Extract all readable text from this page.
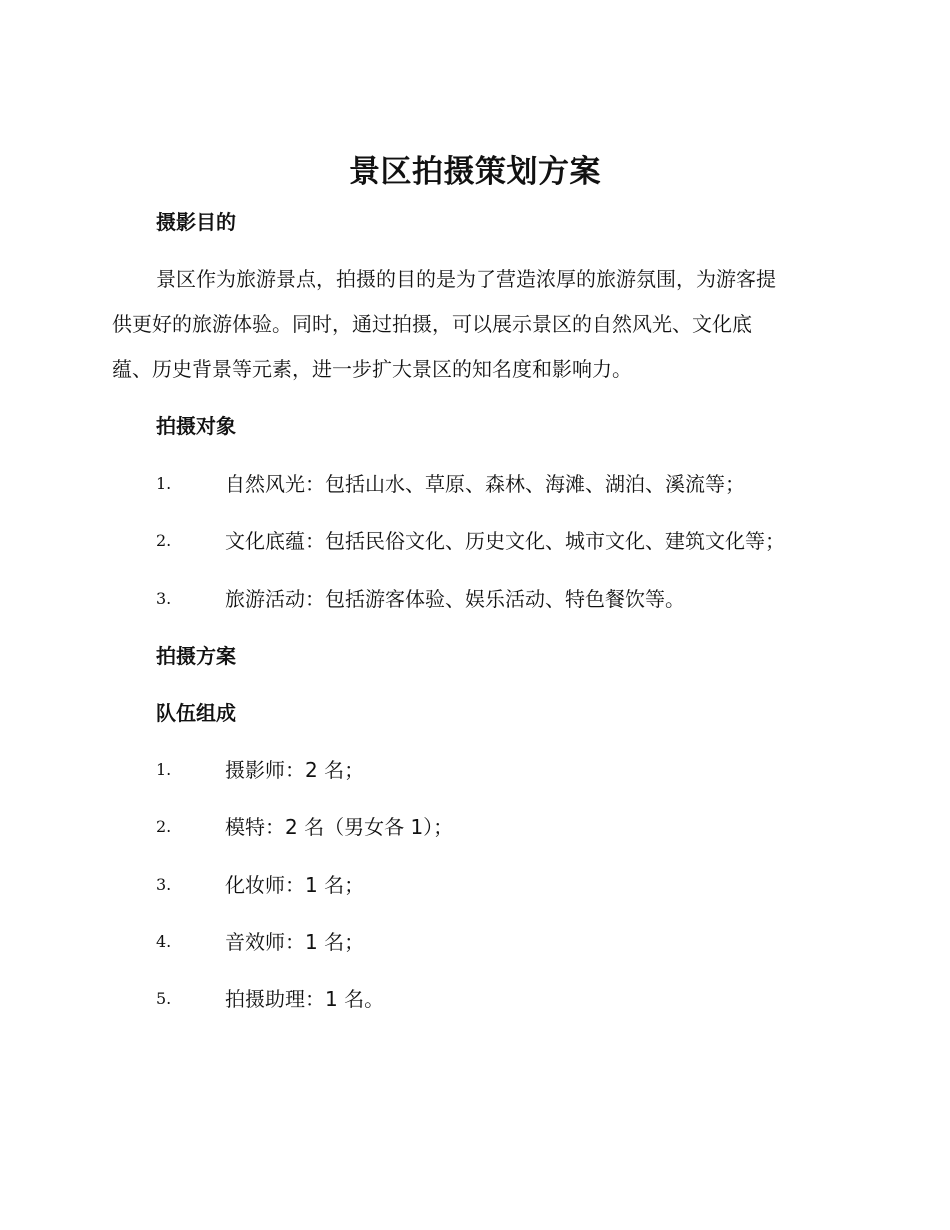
景区拍摄策划方案
摄影目的
景区作为旅游景点，拍摄的目的是为了营造浓厚的旅游氛围，为游客提
供更好的旅游体验。同时，通过拍摄，可以展示景区的自然风光、文化底
蕴、历史背景等元素，进一步扩大景区的知名度和影响力。
拍摄对象
1.	自然风光：包括山水、草原、森林、海滩、湖泊、溪流等；
2.	文化底蕴：包括民俗文化、历史文化、城市文化、建筑文化等；
3.	旅游活动：包括游客体验、娱乐活动、特色餐饮等。
拍摄方案
队伍组成
1.	摄影师：2 名；
2.	模特：2 名（男女各 1）；
3.	化妆师：1 名；
4.	音效师：1 名；
5.	拍摄助理：1 名。
